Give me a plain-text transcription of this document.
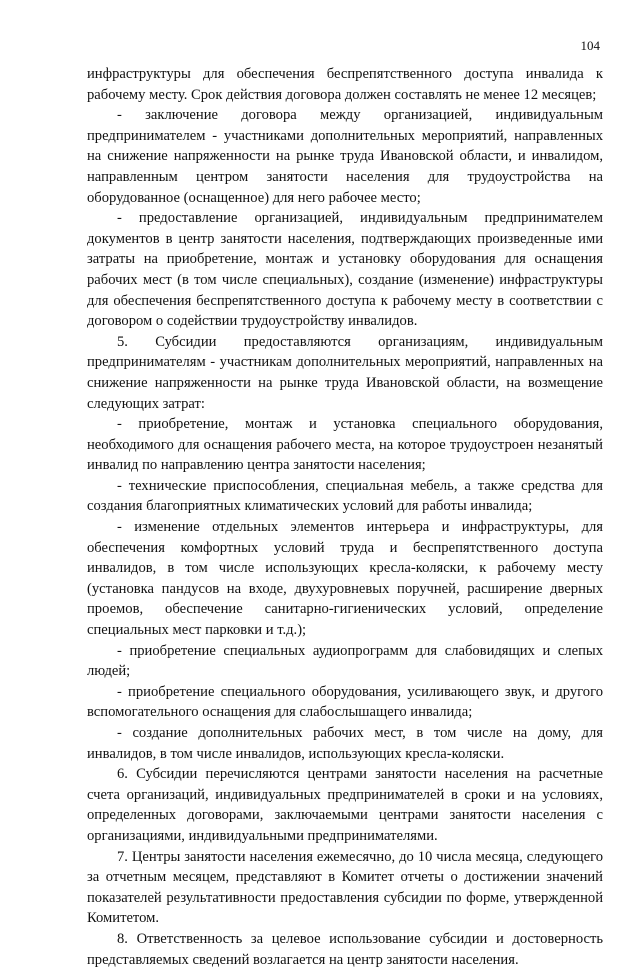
104

инфраструктуры для обеспечения беспрепятственного доступа инвалида к рабочему месту. Срок действия договора должен составлять не менее 12 месяцев;

- заключение договора между организацией, индивидуальным предпринимателем - участниками дополнительных мероприятий, направленных на снижение напряженности на рынке труда Ивановской области, и инвалидом, направленным центром занятости населения для трудоустройства на оборудованное (оснащенное) для него рабочее место;

- предоставление организацией, индивидуальным предпринимателем документов в центр занятости населения, подтверждающих произведенные ими затраты на приобретение, монтаж и установку оборудования для оснащения рабочих мест (в том числе специальных), создание (изменение) инфраструктуры для обеспечения беспрепятственного доступа к рабочему месту в соответствии с договором о содействии трудоустройству инвалидов.

5. Субсидии предоставляются организациям, индивидуальным предпринимателям - участникам дополнительных мероприятий, направленных на снижение напряженности на рынке труда Ивановской области, на возмещение следующих затрат:

- приобретение, монтаж и установка специального оборудования, необходимого для оснащения рабочего места, на которое трудоустроен незанятый инвалид по направлению центра занятости населения;

- технические приспособления, специальная мебель, а также средства для создания благоприятных климатических условий для работы инвалида;

- изменение отдельных элементов интерьера и инфраструктуры, для обеспечения комфортных условий труда и беспрепятственного доступа инвалидов, в том числе использующих кресла-коляски, к рабочему месту (установка пандусов на входе, двухуровневых поручней, расширение дверных проемов, обеспечение санитарно-гигиенических условий, определение специальных мест парковки и т.д.);

- приобретение специальных аудиопрограмм для слабовидящих и слепых людей;

- приобретение специального оборудования, усиливающего звук, и другого вспомогательного оснащения для слабослышащего инвалида;

- создание дополнительных рабочих мест, в том числе на дому, для инвалидов, в том числе инвалидов, использующих кресла-коляски.

6. Субсидии перечисляются центрами занятости населения на расчетные счета организаций, индивидуальных предпринимателей в сроки и на условиях, определенных договорами, заключаемыми центрами занятости населения с организациями, индивидуальными предпринимателями.

7. Центры занятости населения ежемесячно, до 10 числа месяца, следующего за отчетным месяцем, представляют в Комитет отчеты о достижении значений показателей результативности предоставления субсидии по форме, утвержденной Комитетом.

8. Ответственность за целевое использование субсидии и достоверность представляемых сведений возлагается на центр занятости населения.
